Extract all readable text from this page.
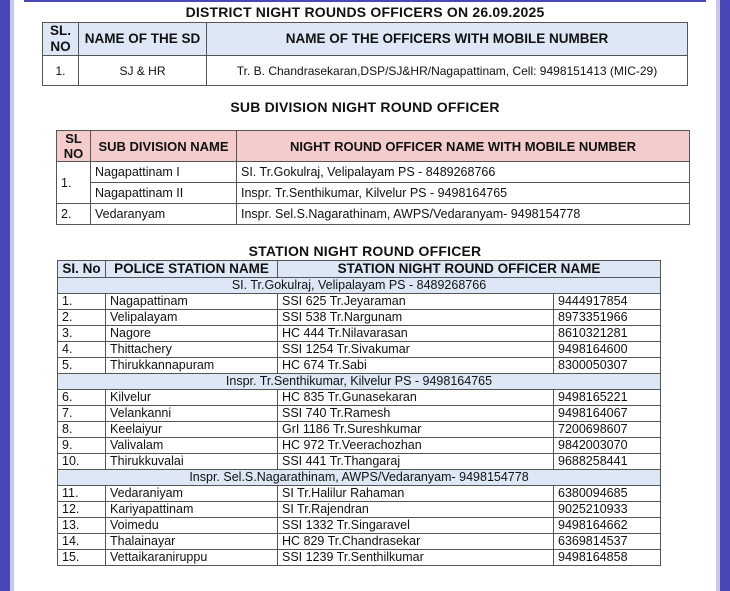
DISTRICT NIGHT ROUNDS OFFICERS ON 26.09.2025
SL. NO	NAME OF THE SD	NAME OF THE OFFICERS WITH MOBILE NUMBER
1.	SJ & HR	Tr. B. Chandrasekaran,DSP/SJ&HR/Nagapattinam, Cell: 9498151413 (MIC-29)
SUB DIVISION NIGHT ROUND OFFICER
SL NO	SUB DIVISION NAME	NIGHT ROUND OFFICER NAME WITH MOBILE NUMBER
1.	Nagapattinam I	SI. Tr.Gokulraj, Velipalayam PS - 8489268766
	Nagapattinam II	Inspr. Tr.Senthikumar, Kilvelur PS - 9498164765
2.	Vedaranyam	Inspr. Sel.S.Nagarathinam, AWPS/Vedaranyam- 9498154778
STATION NIGHT ROUND OFFICER
SI. No	POLICE STATION NAME	STATION NIGHT ROUND OFFICER NAME	
SI. Tr.Gokulraj, Velipalayam PS - 8489268766			
1.	Nagapattinam	SSI 625 Tr.Jeyaraman	9444917854
2.	Velipalayam	SSI 538 Tr.Nargunam	8973351966
3.	Nagore	HC 444 Tr.Nilavarasan	8610321281
4.	Thittachery	SSI 1254 Tr.Sivakumar	9498164600
5.	Thirukkannapuram	HC 674 Tr.Sabi	8300050307
Inspr. Tr.Senthikumar, Kilvelur PS - 9498164765			
6.	Kilvelur	HC 835 Tr.Gunasekaran	9498165221
7.	Velankanni	SSI 740 Tr.Ramesh	9498164067
8.	Keelaiyur	GrI 1186 Tr.Sureshkumar	7200698607
9.	Valivalam	HC 972 Tr.Veerachozhan	9842003070
10.	Thirukkuvalai	SSI 441 Tr.Thangaraj	9688258441
Inspr. Sel.S.Nagarathinam, AWPS/Vedaranyam- 9498154778			
11.	Vedaraniyam	SI Tr.Halilur Rahaman	6380094685
12.	Kariyapattinam	SI Tr.Rajendran	9025210933
13.	Voimedu	SSI 1332 Tr.Singaravel	9498164662
14.	Thalainayar	HC 829 Tr.Chandrasekar	6369814537
15.	Vettaikaraniruppu	SSI 1239 Tr.Senthilkumar	9498164858
